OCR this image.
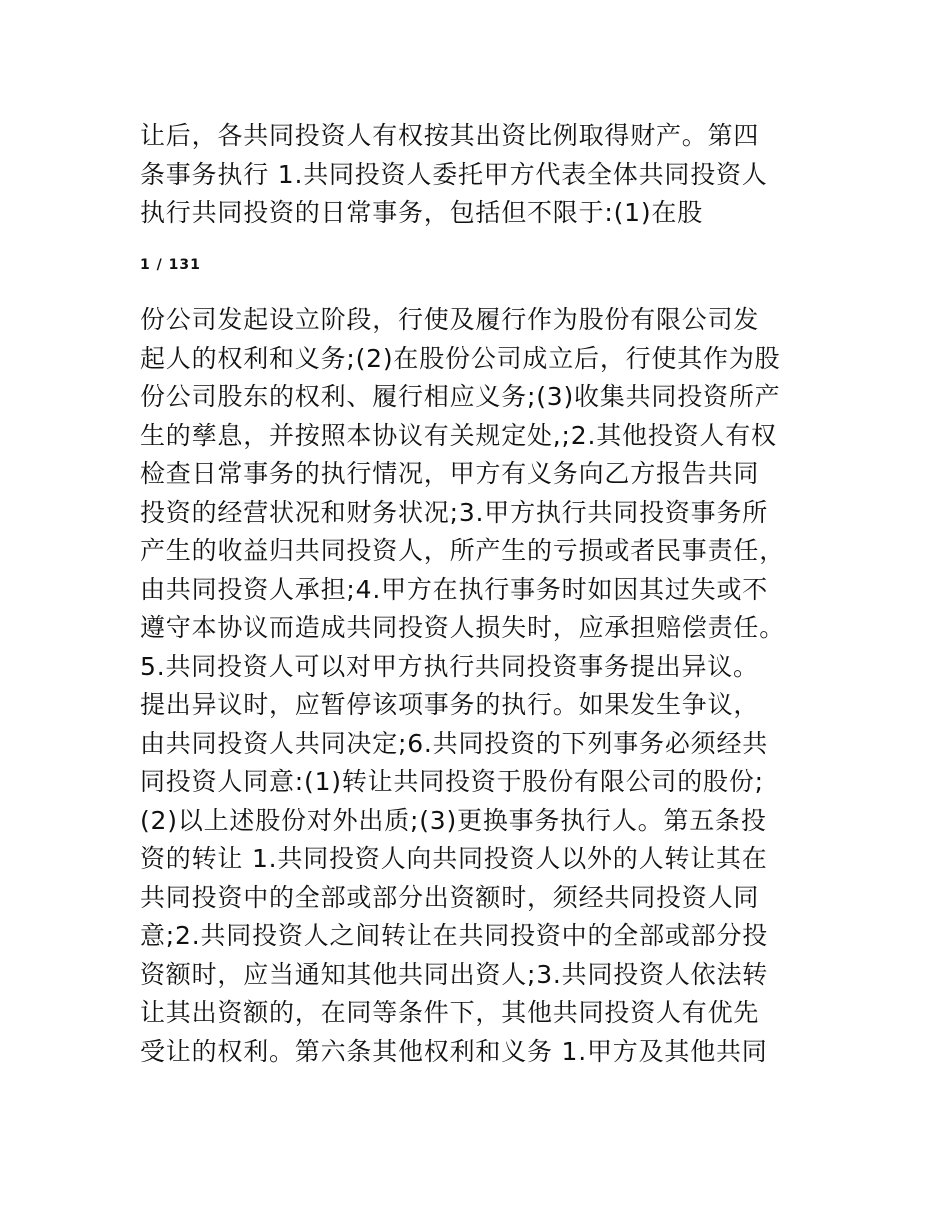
让后，各共同投资人有权按其出资比例取得财产。第四
条事务执行 1.共同投资人委托甲方代表全体共同投资人
执行共同投资的日常事务，包括但不限于:(1)在股
1 / 131
份公司发起设立阶段，行使及履行作为股份有限公司发
起人的权利和义务;(2)在股份公司成立后，行使其作为股
份公司股东的权利、履行相应义务;(3)收集共同投资所产
生的孳息，并按照本协议有关规定处,;2.其他投资人有权
检查日常事务的执行情况，甲方有义务向乙方报告共同
投资的经营状况和财务状况;3.甲方执行共同投资事务所
产生的收益归共同投资人，所产生的亏损或者民事责任，
由共同投资人承担;4.甲方在执行事务时如因其过失或不
遵守本协议而造成共同投资人损失时，应承担赔偿责任。
5.共同投资人可以对甲方执行共同投资事务提出异议。
提出异议时，应暂停该项事务的执行。如果发生争议，
由共同投资人共同决定;6.共同投资的下列事务必须经共
同投资人同意:(1)转让共同投资于股份有限公司的股份;
(2)以上述股份对外出质;(3)更换事务执行人。第五条投
资的转让 1.共同投资人向共同投资人以外的人转让其在
共同投资中的全部或部分出资额时，须经共同投资人同
意;2.共同投资人之间转让在共同投资中的全部或部分投
资额时，应当通知其他共同出资人;3.共同投资人依法转
让其出资额的，在同等条件下，其他共同投资人有优先
受让的权利。第六条其他权利和义务 1.甲方及其他共同
